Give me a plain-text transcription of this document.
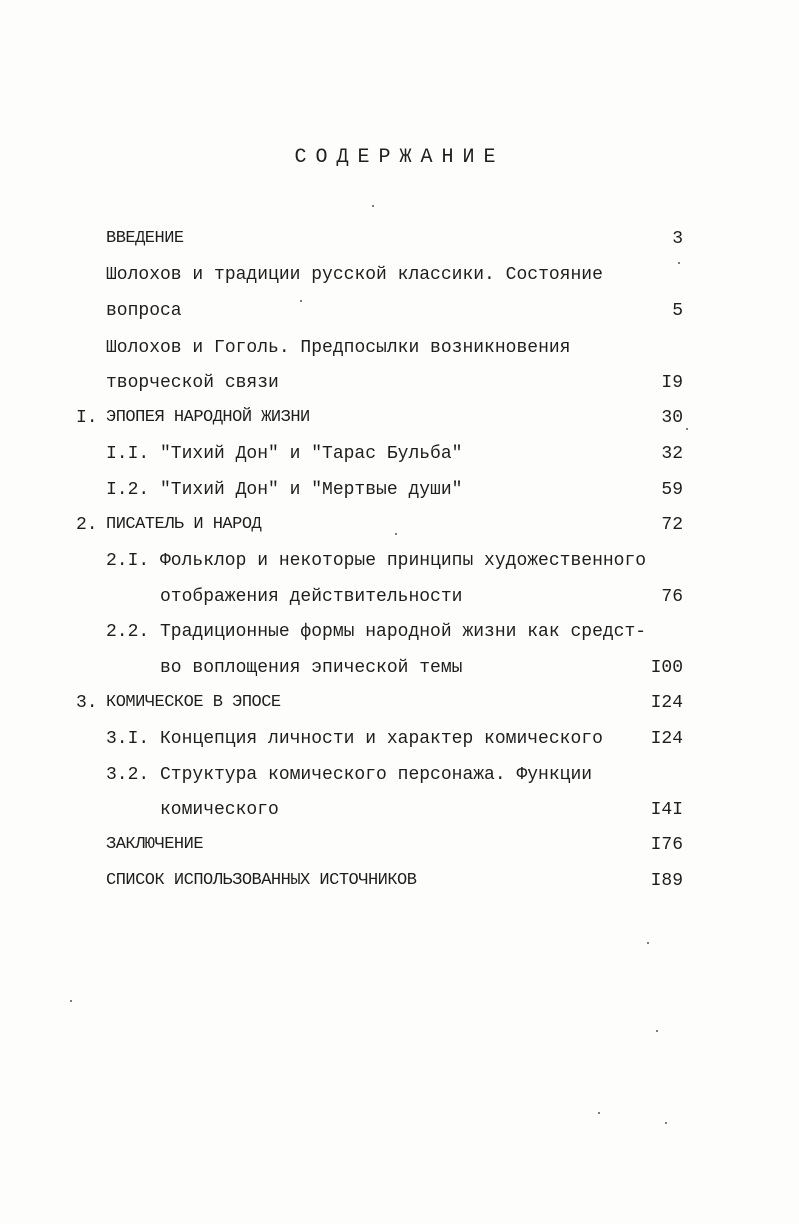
СОДЕРЖАНИЕ
ВВЕДЕНИЕ	3
Шолохов и традиции русской классики. Состояние
вопроса	5
Шолохов и Гоголь. Предпосылки возникновения
творческой связи	I9
I. ЭПОПЕЯ НАРОДНОЙ ЖИЗНИ	30
I.I. "Тихий Дон" и "Тарас Бульба"	32
I.2. "Тихий Дон" и "Мертвые души"	59
2. ПИСАТЕЛЬ И НАРОД	72
2.I. Фольклор и некоторые принципы художественного
отображения действительности	76
2.2. Традиционные формы народной жизни как средст-
во воплощения эпической темы	I00
3. КОМИЧЕСКОЕ В ЭПОСЕ	I24
3.I. Концепция личности и характер комического	I24
3.2. Структура комического персонажа. Функции
комического	I4I
ЗАКЛЮЧЕНИЕ	I76
СПИСОК ИСПОЛЬЗОВАННЫХ ИСТОЧНИКОВ	I89
